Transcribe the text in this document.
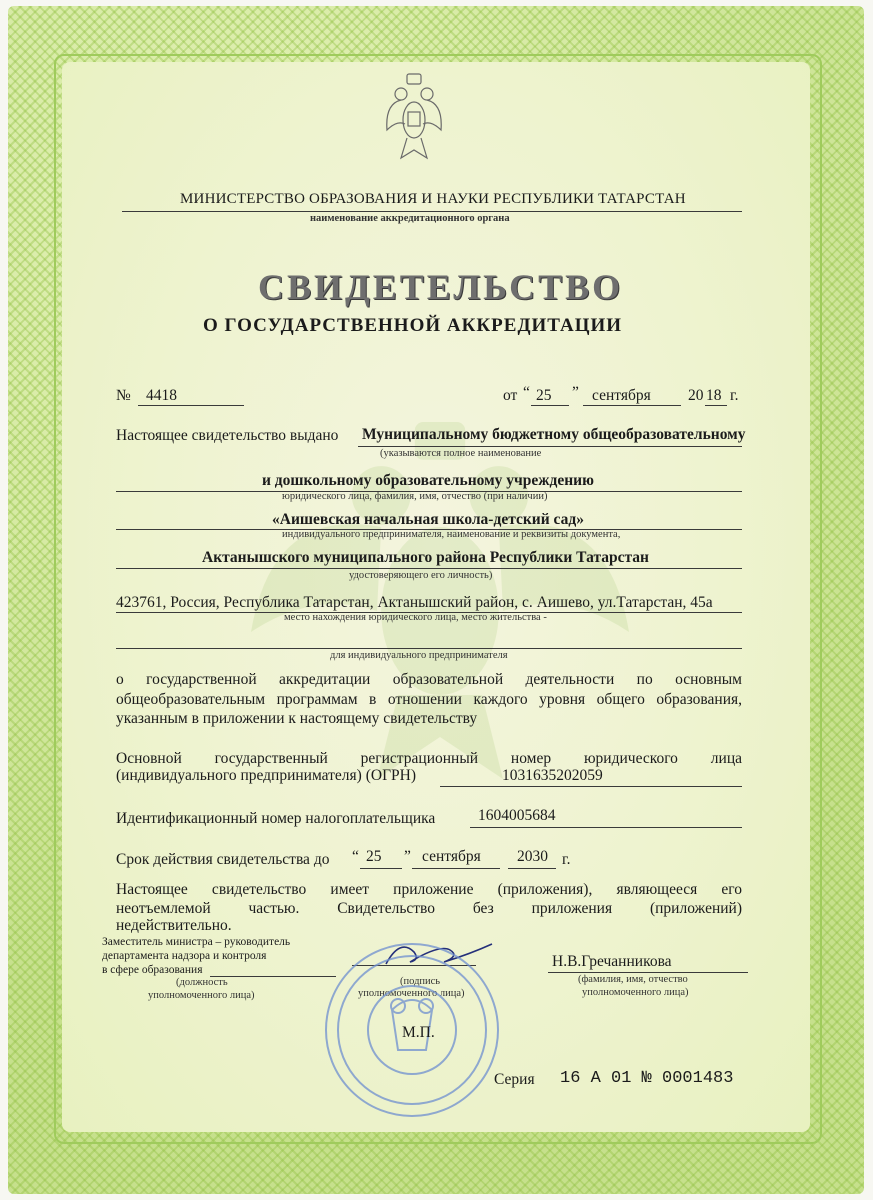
МИНИСТЕРСТВО ОБРАЗОВАНИЯ И НАУКИ РЕСПУБЛИКИ ТАТАРСТАН
наименование аккредитационного органа
СВИДЕТЕЛЬСТВО
О ГОСУДАРСТВЕННОЙ АККРЕДИТАЦИИ
№ 4418	от “ 25 ” сентября 20 18 г.
Настоящее свидетельство выдано Муниципальному бюджетному общеобразовательному
(указываются полное наименование
и дошкольному образовательному учреждению
юридического лица, фамилия, имя, отчество (при наличии)
«Аишевская начальная школа-детский сад»
индивидуального предпринимателя, наименование и реквизиты документа,
Актанышского муниципального района Республики Татарстан
удостоверяющего его личность)
423761, Россия, Республика Татарстан, Актанышский район, с. Аишево, ул.Татарстан, 45а
место нахождения юридического лица, место жительства -
для индивидуального предпринимателя
о государственной аккредитации образовательной деятельности по основным
общеобразовательным программам в отношении каждого уровня общего образования,
указанным в приложении к настоящему свидетельству
Основной государственный регистрационный номер юридического лица
(индивидуального предпринимателя) (ОГРН)	1031635202059
Идентификационный номер налогоплательщика	1604005684
Срок действия свидетельства до “ 25 ” сентября 2030 г.
Настоящее свидетельство имеет приложение (приложения), являющееся его
неотъемлемой частью. Свидетельство без приложения (приложений)
недействительно.
Заместитель министра – руководитель
департамента надзора и контроля
в сфере образования
(должность
уполномоченного лица)
(подпись
уполномоченного лица)
Н.В.Гречанникова
(фамилия, имя, отчество
уполномоченного лица)
М.П.
Серия 16 А 01 № 0001483
